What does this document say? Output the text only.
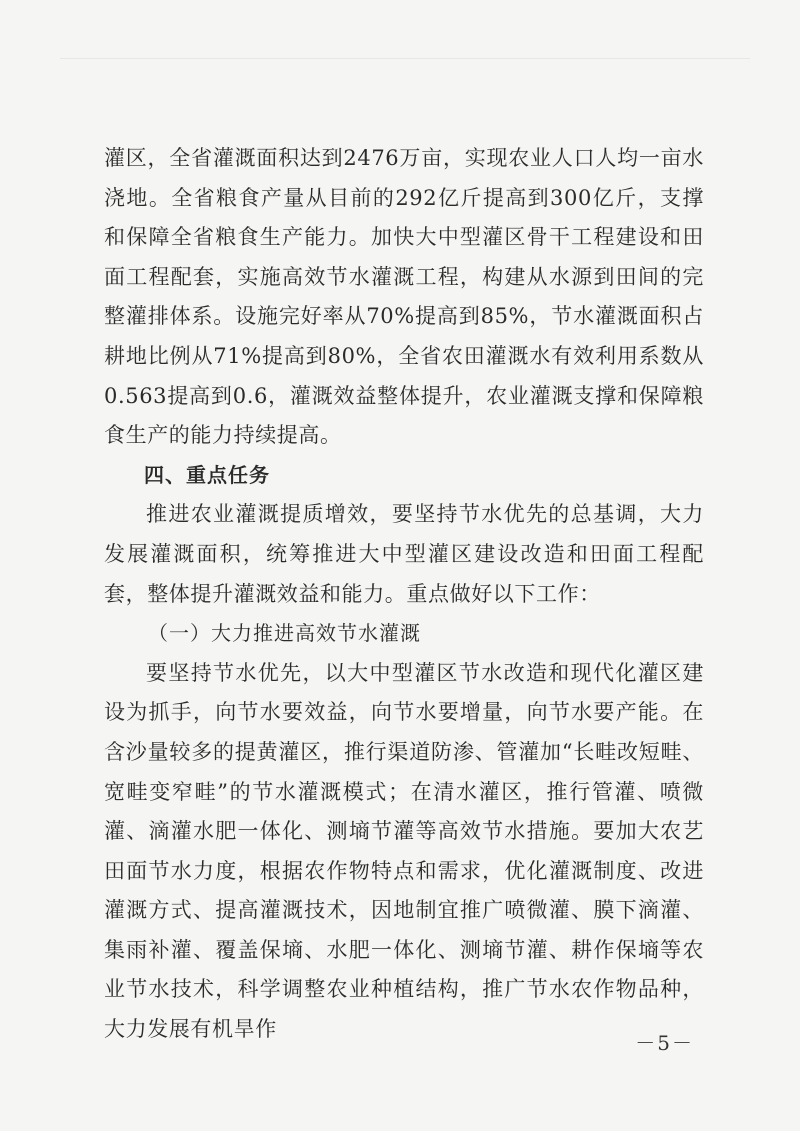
灌区，全省灌溉面积达到2476万亩，实现农业人口人均一亩水浇地。全省粮食产量从目前的292亿斤提高到300亿斤，支撑和保障全省粮食生产能力。加快大中型灌区骨干工程建设和田面工程配套，实施高效节水灌溉工程，构建从水源到田间的完整灌排体系。设施完好率从70%提高到85%，节水灌溉面积占耕地比例从71%提高到80%，全省农田灌溉水有效利用系数从0.563提高到0.6，灌溉效益整体提升，农业灌溉支撑和保障粮食生产的能力持续提高。

四、重点任务

推进农业灌溉提质增效，要坚持节水优先的总基调，大力发展灌溉面积，统筹推进大中型灌区建设改造和田面工程配套，整体提升灌溉效益和能力。重点做好以下工作：

（一）大力推进高效节水灌溉

要坚持节水优先，以大中型灌区节水改造和现代化灌区建设为抓手，向节水要效益，向节水要增量，向节水要产能。在含沙量较多的提黄灌区，推行渠道防渗、管灌加“长畦改短畦、宽畦变窄畦”的节水灌溉模式；在清水灌区，推行管灌、喷微灌、滴灌水肥一体化、测墒节灌等高效节水措施。要加大农艺田面节水力度，根据农作物特点和需求，优化灌溉制度、改进灌溉方式、提高灌溉技术，因地制宜推广喷微灌、膜下滴灌、集雨补灌、覆盖保墒、水肥一体化、测墒节灌、耕作保墒等农业节水技术，科学调整农业种植结构，推广节水农作物品种，大力发展有机旱作

－5－
